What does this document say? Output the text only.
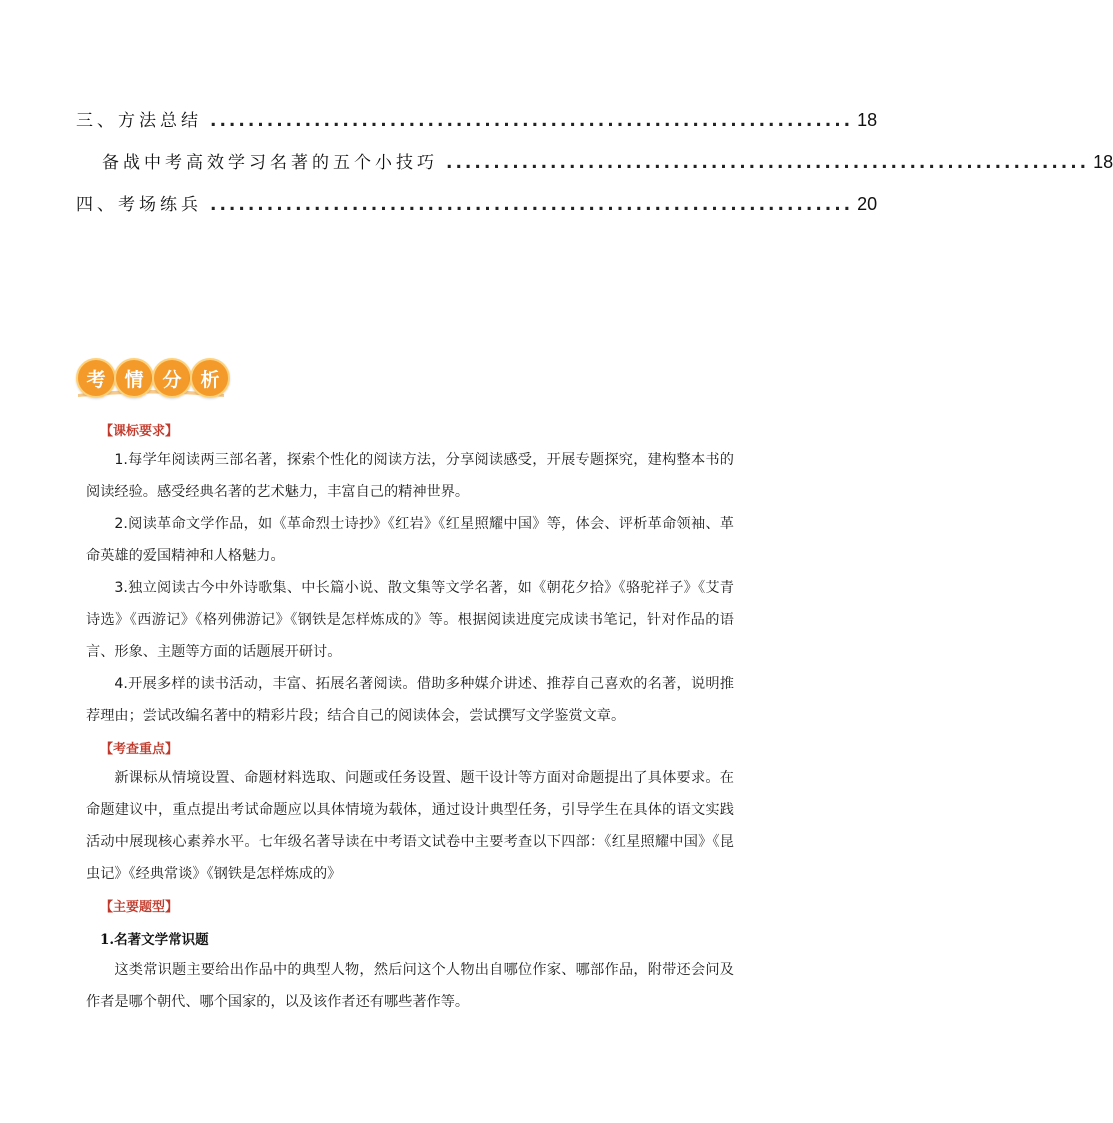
三、方法总结 .................................................................... 18
备战中考高效学习名著的五个小技巧 .................................................................... 18
四、考场练兵 .................................................................... 20
考 情 分 析
【课标要求】

1.每学年阅读两三部名著，探索个性化的阅读方法，分享阅读感受，开展专题探究，建构整本书的阅读经验。感受经典名著的艺术魅力，丰富自己的精神世界。

2.阅读革命文学作品，如《革命烈士诗抄》《红岩》《红星照耀中国》等，体会、评析革命领袖、革命英雄的爱国精神和人格魅力。

3.独立阅读古今中外诗歌集、中长篇小说、散文集等文学名著，如《朝花夕拾》《骆驼祥子》《艾青诗选》《西游记》《格列佛游记》《钢铁是怎样炼成的》等。根据阅读进度完成读书笔记，针对作品的语言、形象、主题等方面的话题展开研讨。

4.开展多样的读书活动，丰富、拓展名著阅读。借助多种媒介讲述、推荐自己喜欢的名著，说明推荐理由；尝试改编名著中的精彩片段；结合自己的阅读体会，尝试撰写文学鉴赏文章。

【考查重点】

新课标从情境设置、命题材料选取、问题或任务设置、题干设计等方面对命题提出了具体要求。在命题建议中，重点提出考试命题应以具体情境为载体，通过设计典型任务，引导学生在具体的语文实践活动中展现核心素养水平。七年级名著导读在中考语文试卷中主要考查以下四部：《红星照耀中国》《昆虫记》《经典常谈》《钢铁是怎样炼成的》

【主要题型】
1.名著文学常识题

这类常识题主要给出作品中的典型人物，然后问这个人物出自哪位作家、哪部作品，附带还会问及作者是哪个朝代、哪个国家的，以及该作者还有哪些著作等。
